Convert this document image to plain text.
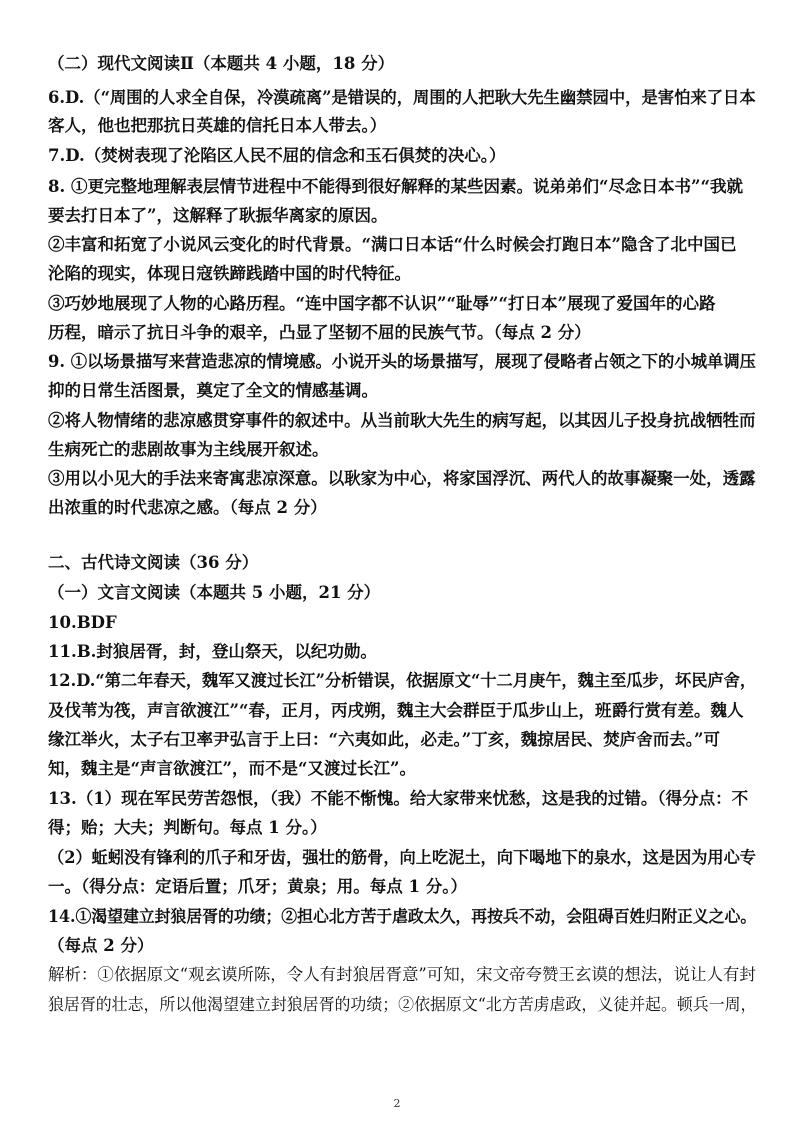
（二）现代文阅读Ⅱ（本题共 4 小题，18 分）
6.D.（“周围的人求全自保，冷漠疏离”是错误的，周围的人把耿大先生幽禁园中，是害怕来了日本
客人，他也把那抗日英雄的信托日本人带去。）
7.D.（焚树表现了沦陷区人民不屈的信念和玉石俱焚的决心。）
8. ①更完整地理解表层情节进程中不能得到很好解释的某些因素。说弟弟们“尽念日本书”“我就
要去打日本了”，这解释了耿振华离家的原因。
②丰富和拓宽了小说风云变化的时代背景。“满口日本话“什么时候会打跑日本”隐含了北中国已
沦陷的现实，体现日寇铁蹄践踏中国的时代特征。
③巧妙地展现了人物的心路历程。“连中国字都不认识”“耻辱”“打日本”展现了爱国年的心路
历程，暗示了抗日斗争的艰辛，凸显了坚韧不屈的民族气节。（每点 2 分）
9. ①以场景描写来营造悲凉的情境感。小说开头的场景描写，展现了侵略者占领之下的小城单调压
抑的日常生活图景，奠定了全文的情感基调。
②将人物情绪的悲凉感贯穿事件的叙述中。从当前耿大先生的病写起，以其因儿子投身抗战牺牲而
生病死亡的悲剧故事为主线展开叙述。
③用以小见大的手法来寄寓悲凉深意。以耿家为中心，将家国浮沉、两代人的故事凝聚一处，透露
出浓重的时代悲凉之感。（每点 2 分）
二、古代诗文阅读（36 分）
（一）文言文阅读（本题共 5 小题，21 分）
10.BDF
11.B.封狼居胥，封，登山祭天，以纪功勋。
12.D.“第二年春天，魏军又渡过长江”分析错误，依据原文“十二月庚午，魏主至瓜步，坏民庐舍，
及伐苇为筏，声言欲渡江”“春，正月，丙戌朔，魏主大会群臣于瓜步山上，班爵行赏有差。魏人
缘江举火，太子右卫率尹弘言于上曰：“六夷如此，必走。”丁亥，魏掠居民、焚庐舍而去。”可
知，魏主是“声言欲渡江”，而不是“又渡过长江”。
13.（1）现在军民劳苦怨恨，（我）不能不惭愧。给大家带来忧愁，这是我的过错。（得分点：不
得；贻；大夫；判断句。每点 1 分。）
（2）蚯蚓没有锋利的爪子和牙齿，强壮的筋骨，向上吃泥土，向下喝地下的泉水，这是因为用心专
一。（得分点：定语后置；爪牙；黄泉；用。每点 1 分。）
14.①渴望建立封狼居胥的功绩；②担心北方苦于虐政太久，再按兵不动，会阻碍百姓归附正义之心。
（每点 2 分）
解析：①依据原文“观玄谟所陈，令人有封狼居胥意”可知，宋文帝夸赞王玄谟的想法，说让人有封
狼居胥的壮志，所以他渴望建立封狼居胥的功绩；②依据原文“北方苦虏虐政，义徒并起。顿兵一周，
2
